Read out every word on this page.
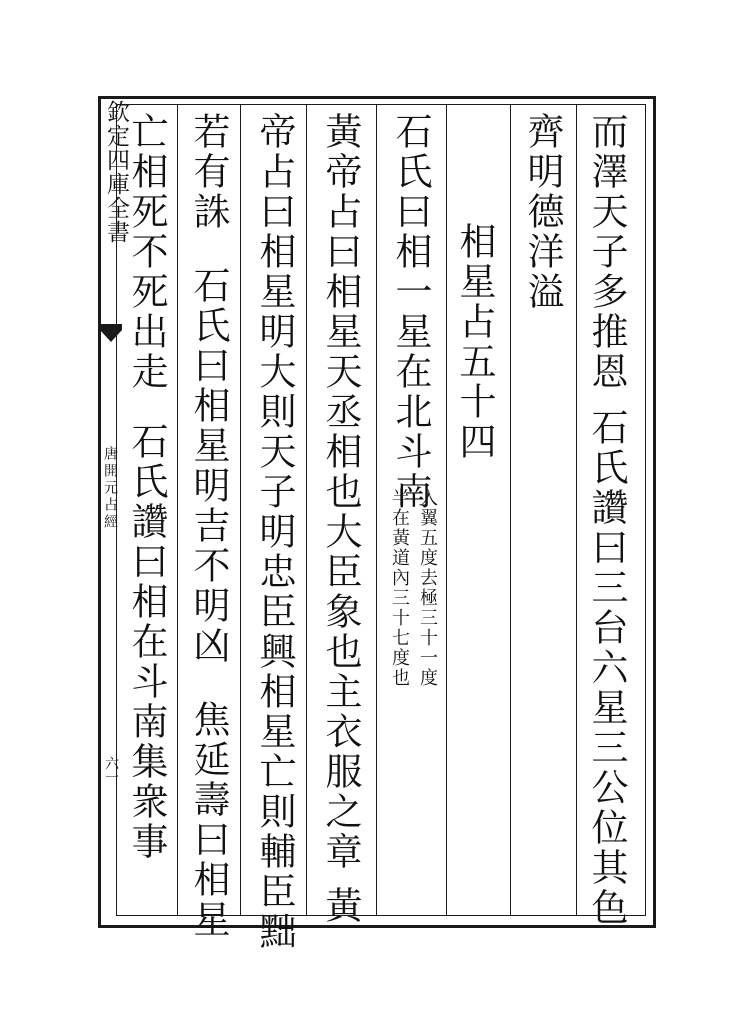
欽定四庫全書
唐開元占經
六一
而澤天子多推恩石氏讚曰三台六星三公位其色
齊明德洋溢
相星占五十四
石氏曰相一星在北斗南
入翼五度去極三十一度
半在黃道內三十七度也
黃帝占曰相星天丞相也大臣象也主衣服之章黃
帝占曰相星明大則天子明忠臣興相星亡則輔臣黜
若有誅石氏曰相星明吉不明凶焦延壽曰相星
亡相死不死出走石氏讚曰相在斗南集衆事
